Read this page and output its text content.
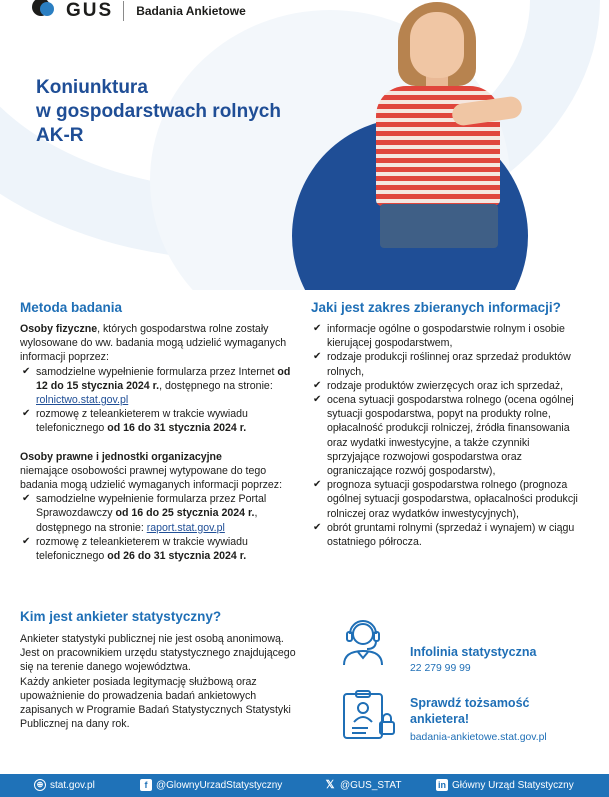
GUS Badania Ankietowe
Koniunktura
w gospodarstwach rolnych
AK-R
Metoda badania

Osoby fizyczne, których gospodarstwa rolne zostały wylosowane do ww. badania mogą udzielić wymaganych informacji poprzez:

✔ samodzielne wypełnienie formularza przez Internet od 12 do 15 stycznia 2024 r., dostępnego na stronie: rolnictwo.stat.gov.pl
✔ rozmowę z teleankieterem w trakcie wywiadu telefonicznego od 16 do 31 stycznia 2024 r.

Osoby prawne i jednostki organizacyjne
niemające osobowości prawnej wytypowane do tego badania mogą udzielić wymaganych informacji poprzez:

✔ samodzielne wypełnienie formularza przez Portal Sprawozdawczy od 16 do 25 stycznia 2024 r., dostępnego na stronie: raport.stat.gov.pl
✔ rozmowę z teleankieterem w trakcie wywiadu telefonicznego od 26 do 31 stycznia 2024 r.
Jaki jest zakres zbieranych informacji?
✔ informacje ogólne o gospodarstwie rolnym i osobie kierującej gospodarstwem,
✔ rodzaje produkcji roślinnej oraz sprzedaż produktów rolnych,
✔ rodzaje produktów zwierzęcych oraz ich sprzedaż,
✔ ocena sytuacji gospodarstwa rolnego (ocena ogólnej sytuacji gospodarstwa, popyt na produkty rolne, opłacalność produkcji rolniczej, źródła finansowania oraz wydatki inwestycyjne, a także czynniki sprzyjające rozwojowi gospodarstwa oraz ograniczające rozwój gospodarstw),
✔ prognoza sytuacji gospodarstwa rolnego (prognoza ogólnej sytuacji gospodarstwa, opłacalności produkcji rolniczej oraz wydatków inwestycyjnych),
✔ obrót gruntami rolnymi (sprzedaż i wynajem) w ciągu ostatniego półrocza.
Kim jest ankieter statystyczny?

Ankieter statystyki publicznej nie jest osobą anonimową. Jest on pracownikiem urzędu statystycznego znajdującego się na terenie danego województwa.

Każdy ankieter posiada legitymację służbową oraz upoważnienie do prowadzenia badań ankietowych zapisanych w Programie Badań Statystycznych Statystyki Publicznej na dany rok.

Infolinia statystyczna
22 279 99 99
Sprawdź tożsamość
ankietera!
badania-ankietowe.stat.gov.pl
⊕ stat.gov.pl	f @GlownyUrzadStatystyczny	𝕏 @GUS_STAT	in Główny Urząd Statystyczny
